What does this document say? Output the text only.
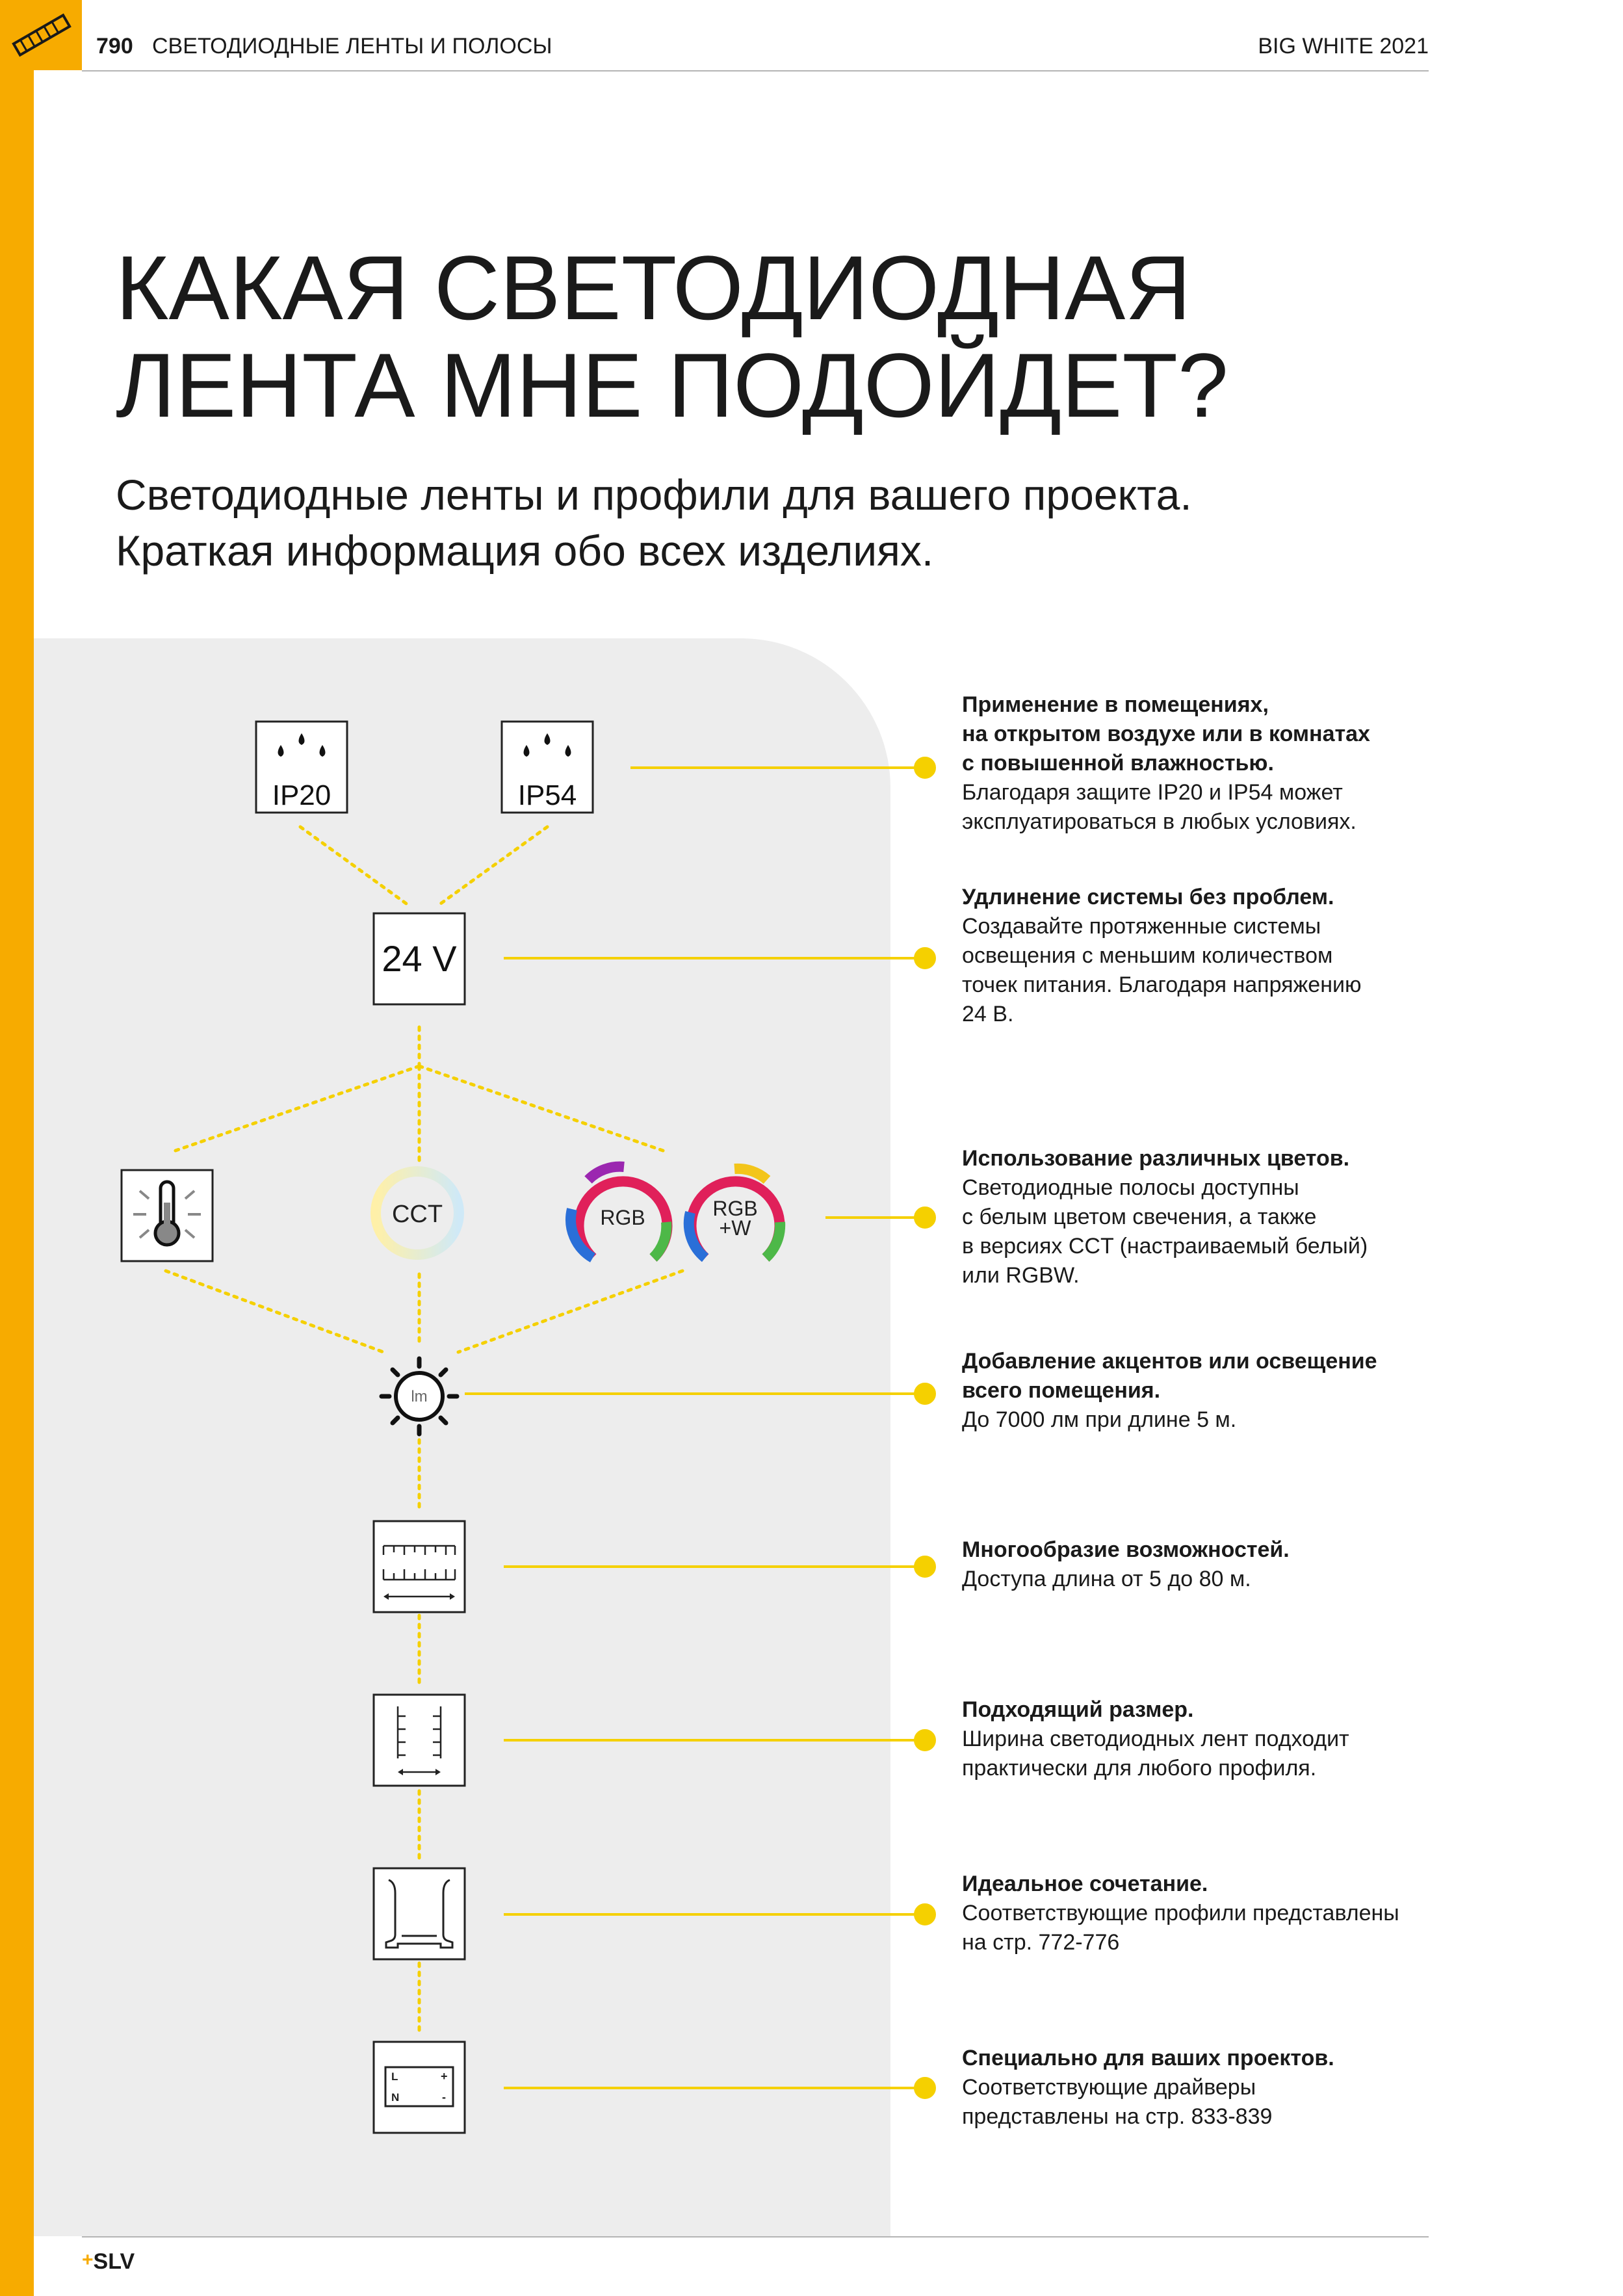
790 СВЕТОДИОДНЫЕ ЛЕНТЫ И ПОЛОСЫ	BIG WHITE 2021
КАКАЯ СВЕТОДИОДНАЯ
ЛЕНТА МНЕ ПОДОЙДЕТ?

Светодиодные ленты и профили для вашего проекта.
Краткая информация обо всех изделиях.

IP20	IP54
24 V
CCT	RGB	RGB
+W
lm
L
N
+
-
Применение в помещениях,
на открытом воздухе или в комнатах
с повышенной влажностью.
Благодаря защите IP20 и IP54 может
эксплуатироваться в любых условиях.
Удлинение системы без проблем.
Создавайте протяженные системы
освещения с меньшим количеством
точек питания. Благодаря напряжению
24 В.
Использование различных цветов.
Светодиодные полосы доступны
с белым цветом свечения, а также
в версиях CCT (настраиваемый белый)
или RGBW.
Добавление акцентов или освещение
всего помещения.
До 7000 лм при длине 5 м.
Многообразие возможностей.
Доступа длина от 5 до 80 м.
Подходящий размер.
Ширина светодиодных лент подходит
практически для любого профиля.
Идеальное сочетание.
Соответствующие профили представлены
на стр. 772-776
Специально для ваших проектов.
Соответствующие драйверы
представлены на стр. 833-839
+SLV
